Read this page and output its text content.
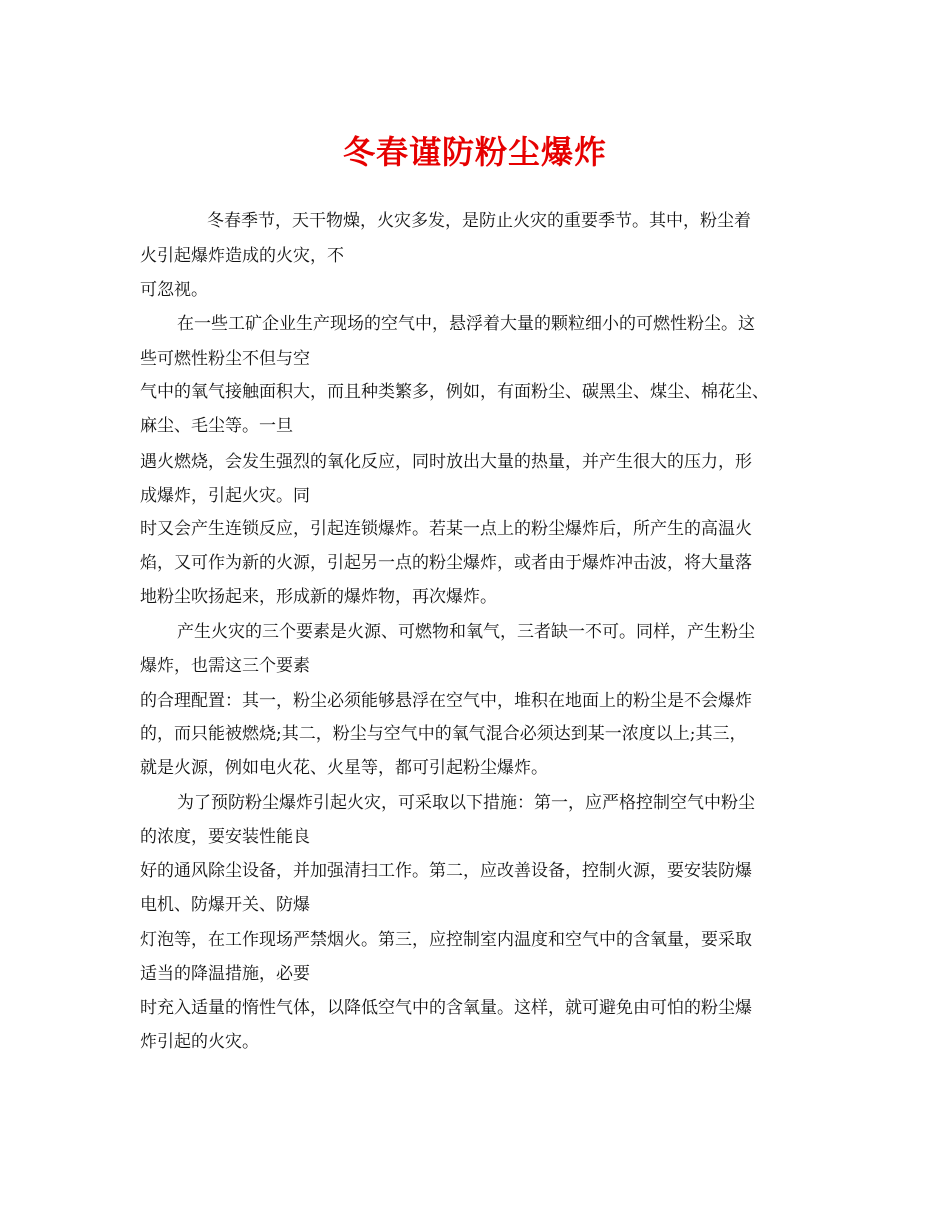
冬春谨防粉尘爆炸
冬春季节，天干物燥，火灾多发，是防止火灾的重要季节。其中，粉尘着
火引起爆炸造成的火灾，不
可忽视。
在一些工矿企业生产现场的空气中，悬浮着大量的颗粒细小的可燃性粉尘。这
些可燃性粉尘不但与空
气中的氧气接触面积大，而且种类繁多，例如，有面粉尘、碳黑尘、煤尘、棉花尘、
麻尘、毛尘等。一旦
遇火燃烧，会发生强烈的氧化反应，同时放出大量的热量，并产生很大的压力，形
成爆炸，引起火灾。同
时又会产生连锁反应，引起连锁爆炸。若某一点上的粉尘爆炸后，所产生的高温火
焰，又可作为新的火源，引起另一点的粉尘爆炸，或者由于爆炸冲击波，将大量落
地粉尘吹扬起来，形成新的爆炸物，再次爆炸。
产生火灾的三个要素是火源、可燃物和氧气，三者缺一不可。同样，产生粉尘
爆炸，也需这三个要素
的合理配置：其一，粉尘必须能够悬浮在空气中，堆积在地面上的粉尘是不会爆炸
的，而只能被燃烧;其二，粉尘与空气中的氧气混合必须达到某一浓度以上;其三，
就是火源，例如电火花、火星等，都可引起粉尘爆炸。
为了预防粉尘爆炸引起火灾，可采取以下措施：第一，应严格控制空气中粉尘
的浓度，要安装性能良
好的通风除尘设备，并加强清扫工作。第二，应改善设备，控制火源，要安装防爆
电机、防爆开关、防爆
灯泡等，在工作现场严禁烟火。第三，应控制室内温度和空气中的含氧量，要采取
适当的降温措施，必要
时充入适量的惰性气体，以降低空气中的含氧量。这样，就可避免由可怕的粉尘爆
炸引起的火灾。
